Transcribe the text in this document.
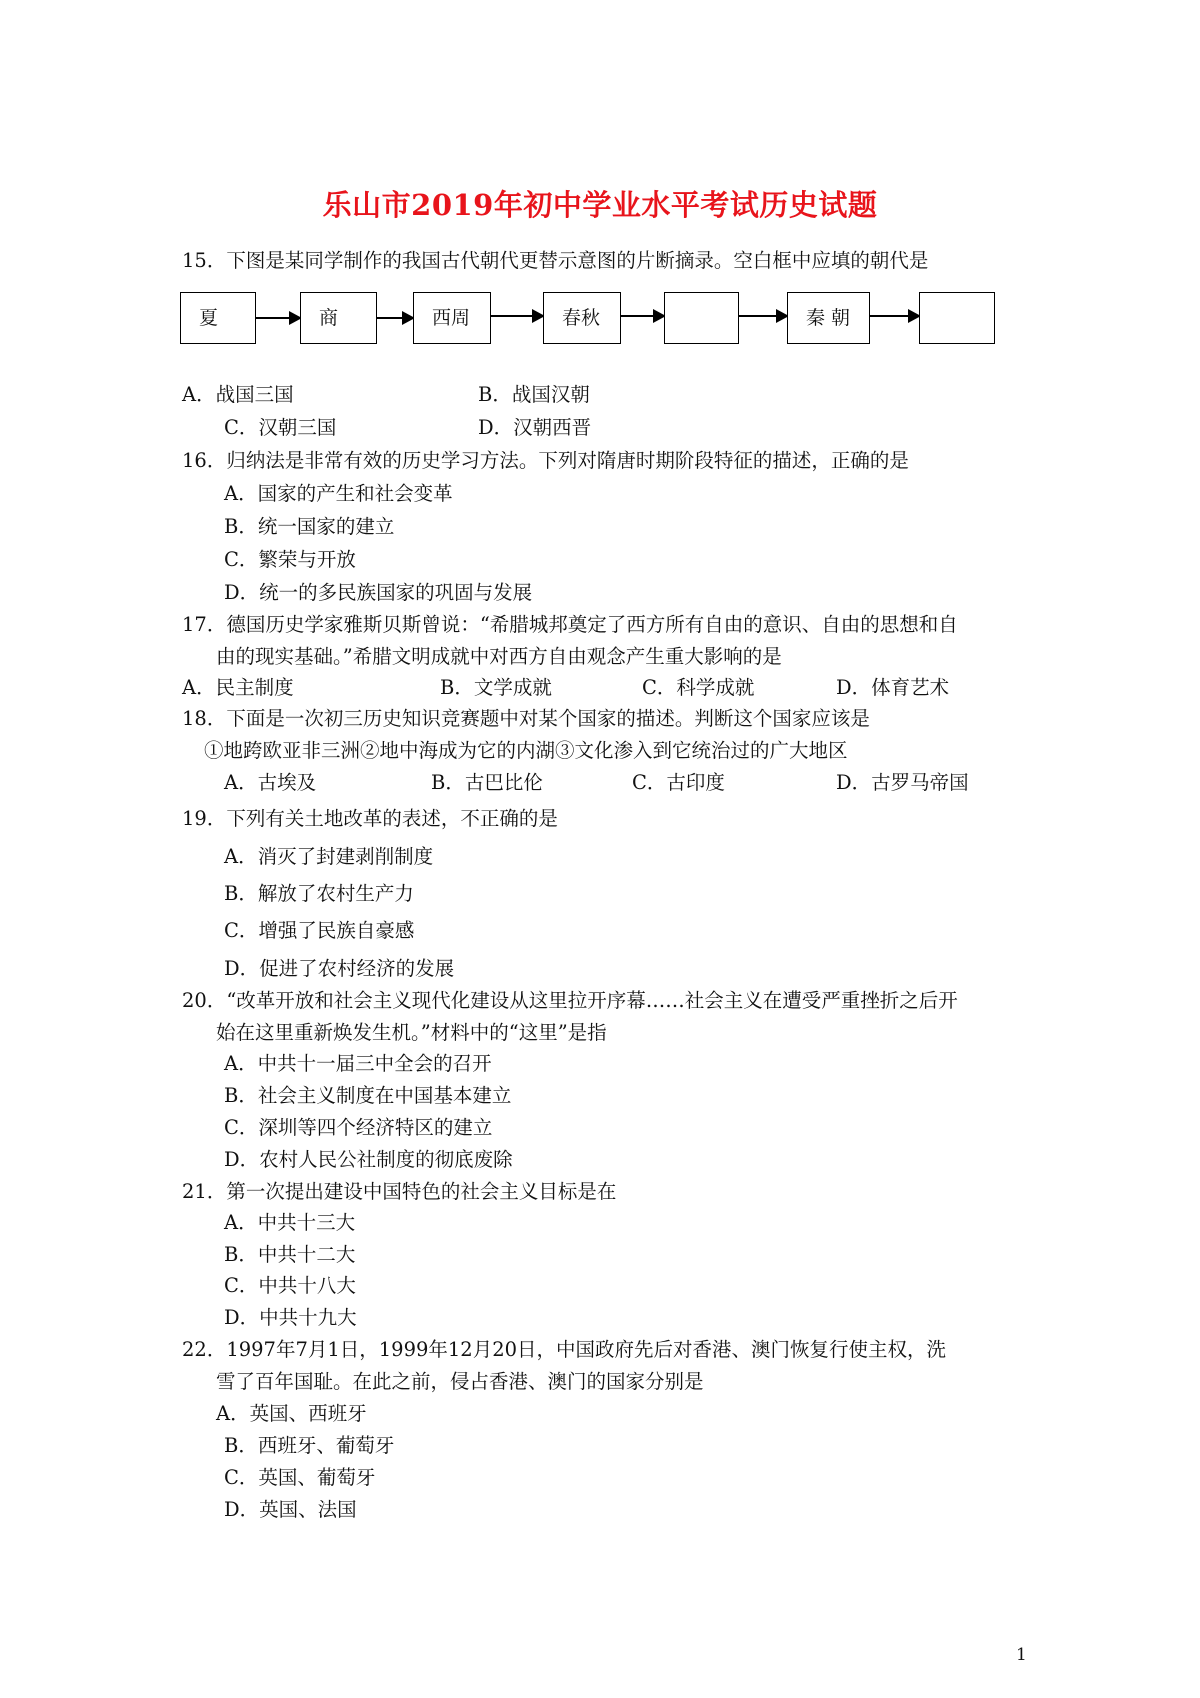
乐山市2019年初中学业水平考试历史试题
15．下图是某同学制作的我国古代朝代更替示意图的片断摘录。空白框中应填的朝代是
夏	商	西周	春秋	秦 朝
A．战国三国	B．战国汉朝
C．汉朝三国	D．汉朝西晋
16．归纳法是非常有效的历史学习方法。下列对隋唐时期阶段特征的描述，正确的是
A．国家的产生和社会变革
B．统一国家的建立
C．繁荣与开放
D．统一的多民族国家的巩固与发展
17．德国历史学家雅斯贝斯曾说：“希腊城邦奠定了西方所有自由的意识、自由的思想和自
由的现实基础。”希腊文明成就中对西方自由观念产生重大影响的是
A．民主制度	B．文学成就	C．科学成就	D．体育艺术
18．下面是一次初三历史知识竞赛题中对某个国家的描述。判断这个国家应该是
①地跨欧亚非三洲②地中海成为它的内湖③文化渗入到它统治过的广大地区
A．古埃及	B．古巴比伦	C．古印度	D．古罗马帝国
19．下列有关土地改革的表述，不正确的是
A．消灭了封建剥削制度
B．解放了农村生产力
C．增强了民族自豪感
D．促进了农村经济的发展
20．“改革开放和社会主义现代化建设从这里拉开序幕……社会主义在遭受严重挫折之后开
始在这里重新焕发生机。”材料中的“这里”是指
A．中共十一届三中全会的召开
B．社会主义制度在中国基本建立
C．深圳等四个经济特区的建立
D．农村人民公社制度的彻底废除
21．第一次提出建设中国特色的社会主义目标是在
A．中共十三大
B．中共十二大
C．中共十八大
D．中共十九大
22．1997年7月1日，1999年12月20日，中国政府先后对香港、澳门恢复行使主权，洗
雪了百年国耻。在此之前，侵占香港、澳门的国家分别是
A．英国、西班牙
B．西班牙、葡萄牙
C．英国、葡萄牙
D．英国、法国
1
